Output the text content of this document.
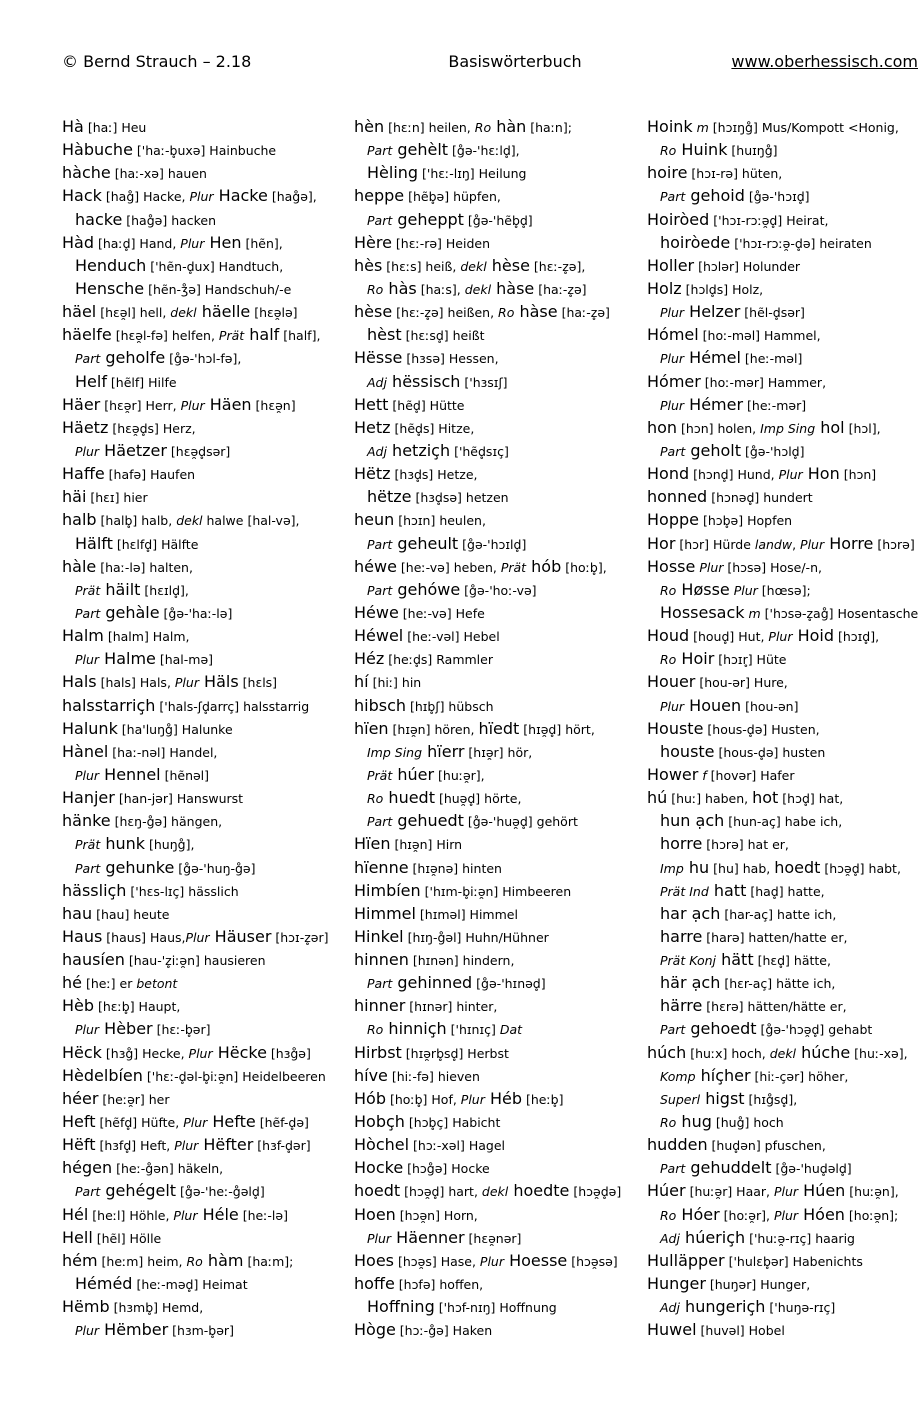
© Bernd Strauch – 2.18	Basiswörterbuch	www.oberhessisch.com
Hà [haː] Heu
Hàbuche ['haː-b̥uxə] Hainbuche
hàche [haː-xə] hauen
Hack [hag̊] Hacke, Plur Hacke [hag̊ə],
hacke [hag̊ə] hacken
Hàd [haːd̥] Hand, Plur Hen [hẽn],
Henduch ['hẽn-d̥ux] Handtuch,
Hensche [hẽn-ʒ̊ə] Handschuh/-e
häel [hɛə̯l] hell, dekl häelle [hɛə̯lə]
häelfe [hɛə̯l-fə] helfen, Prät half [half],
Part geholfe [g̊ə-'hɔl-fə],
Helf [hẽlf] Hilfe
Häer [hɛə̯r] Herr, Plur Häen [hɛə̯n]
Häetz [hɛə̯d̥s] Herz,
Plur Häetzer [hɛə̯d̥sər]
Haffe [hafə] Haufen
häi [hɛɪ] hier
halb [halb̥] halb, dekl halwe [hal-və],
Hälft [hɛlfd̥] Hälfte
hàle [haː-lə] halten,
Prät häilt [hɛɪld̥],
Part gehàle [g̊ə-'haː-lə]
Halm [halm] Halm,
Plur Halme [hal-mə]
Hals [hals] Hals, Plur Häls [hɛls]
halsstarriçh ['hals-ʃd̥arrç] halsstarrig
Halunk [ha'luŋg̊] Halunke
Hànel [haː-nəl] Handel,
Plur Hennel [hẽnəl]
Hanjer [han-jər] Hanswurst
hänke [hɛŋ-g̊ə] hängen,
Prät hunk [huŋg̊],
Part gehunke [g̊ə-'huŋ-g̊ə]
hässliçh ['hɛs-lɪç] hässlich
hau [hau] heute
Haus [haus] Haus,Plur Häuser [hɔɪ-z̥ər]
hausíen [hau-'z̥iːə̯n] hausieren
hé [heː] er betont
Hèb [hɛːb̥] Haupt,
Plur Hèber [hɛː-b̥ər]
Hëck [hɜg̊] Hecke, Plur Hëcke [hɜg̊ə]
Hèdelbíen ['hɛː-d̥əl-b̥iːə̯n] Heidelbeeren
héer [heːə̯r] her
Heft [hẽfd̥] Hüfte, Plur Hefte [hẽf-d̥ə]
Hëft [hɜfd̥] Heft, Plur Hëfter [hɜf-d̥ər]
hégen [heː-g̊ən] häkeln,
Part gehégelt [g̊ə-'heː-g̊əld̥]
Hél [heːl] Höhle, Plur Héle [heː-lə]
Hell [hẽl] Hölle
hém [heːm] heim, Ro hàm [haːm];
Héméd [heː-məd̥] Heimat
Hëmb [hɜmb̥] Hemd,
Plur Hëmber [hɜm-b̥ər]
hèn [hɛːn] heilen, Ro hàn [haːn];
Part gehèlt [g̊ə-'hɛːld̥],
Hèling ['hɛː-lɪŋ] Heilung
heppe [hẽb̥ə] hüpfen,
Part geheppt [g̊ə-'hẽb̥d̥]
Hère [hɛː-rə] Heiden
hès [hɛːs] heiß, dekl hèse [hɛː-z̥ə],
Ro hàs [haːs], dekl hàse [haː-z̥ə]
hèse [hɛː-z̥ə] heißen, Ro hàse [haː-z̥ə]
hèst [hɛːsd̥] heißt
Hësse [hɜsə] Hessen,
Adj hëssisch ['hɜsɪʃ]
Hett [hẽd̥] Hütte
Hetz [hẽd̥s] Hitze,
Adj hetziçh ['hẽd̥sɪç]
Hëtz [hɜd̥s] Hetze,
hëtze [hɜd̥sə] hetzen
heun [hɔɪn] heulen,
Part geheult [g̊ə-'hɔɪld̥]
héwe [heː-və] heben, Prät hób [hoːb̥],
Part gehówe [g̊ə-'hoː-və]
Héwe [heː-və] Hefe
Héwel [heː-vəl] Hebel
Héz [heːd̥s] Rammler
hí [hiː] hin
hibsch [hɪb̥ʃ] hübsch
hïen [hɪə̯n] hören, hïedt [hɪə̯d̥] hört,
Imp Sing hïerr [hɪə̯r] hör,
Prät húer [huːə̯r],
Ro huedt [huə̯d̥] hörte,
Part gehuedt [g̊ə-'huə̯d̥] gehört
Hïen [hɪə̯n] Hirn
hïenne [hɪə̯nə] hinten
Himbíen ['hɪm-b̥iːə̯n] Himbeeren
Himmel [hɪməl] Himmel
Hinkel [hɪŋ-g̊əl] Huhn/Hühner
hinnen [hɪnən] hindern,
Part gehinned [g̊ə-'hɪnəd̥]
hinner [hɪnər] hinter,
Ro hinniçh ['hɪnɪç] Dat
Hirbst [hɪə̯rb̥sd̥] Herbst
híve [hiː-fə] hieven
Hób [hoːb̥] Hof, Plur Héb [heːb̥]
Hobçh [hɔb̥ç] Habicht
Hòchel [hɔː-xəl] Hagel
Hocke [hɔg̊ə] Hocke
hoedt [hɔə̯d̥] hart, dekl hoedte [hɔə̯d̥ə]
Hoen [hɔə̯n] Horn,
Plur Häenner [hɛə̯nər]
Hoes [hɔə̯s] Hase, Plur Hoesse [hɔə̯sə]
hoffe [hɔfə] hoffen,
Hoffning ['hɔf-nɪŋ] Hoffnung
Hòge [hɔː-g̊ə] Haken
Hoink m [hɔɪŋg̊] Mus/Kompott <Honig,
Ro Huink [huɪŋg̊]
hoire [hɔɪ-rə] hüten,
Part gehoid [g̊ə-'hɔɪd̥]
Hoiròed ['hɔɪ-rɔːə̯d̥] Heirat,
hoiròede ['hɔɪ-rɔːə̯-d̥ə] heiraten
Holler [hɔlər] Holunder
Holz [hɔld̥s] Holz,
Plur Helzer [hẽl-d̥sər]
Hómel [hoː-məl] Hammel,
Plur Hémel [heː-məl]
Hómer [hoː-mər] Hammer,
Plur Hémer [heː-mər]
hon [hɔn] holen, Imp Sing hol [hɔl],
Part geholt [g̊ə-'hɔld̥]
Hond [hɔnd̥] Hund, Plur Hon [hɔn]
honned [hɔnəd̥] hundert
Hoppe [hɔb̥ə] Hopfen
Hor [hɔr] Hürde landw, Plur Horre [hɔrə]
Hosse Plur [hɔsə] Hose/-n,
Ro Høsse Plur [hœsə];
Hossesack m ['hɔsə-z̥ag̊] Hosentasche
Houd [houd̥] Hut, Plur Hoid [hɔɪd̥],
Ro Hoir [hɔɪr̥] Hüte
Houer [hou-ər] Hure,
Plur Houen [hou-ən]
Houste [hous-d̥ə] Husten,
houste [hous-d̥ə] husten
Hower f [hovər] Hafer
hú [huː] haben, hot [hɔd̥] hat,
hun ạch [hun-aç] habe ich,
horre [hɔrə] hat er,
Imp hu [hu] hab, hoedt [hɔə̯d̥] habt,
Prät Ind hatt [had̥] hatte,
har ạch [har-aç] hatte ich,
harre [harə] hatten/hatte er,
Prät Konj hätt [hɛd̥] hätte,
här ạch [hɛr-aç] hätte ich,
härre [hɛrə] hätten/hätte er,
Part gehoedt [g̊ə-'hɔə̯d̥] gehabt
húch [huːx] hoch, dekl húche [huː-xə],
Komp híçher [hiː-çər] höher,
Superl higst [hɪg̊sd̥],
Ro hug [hug̊] hoch
hudden [hud̥ən] pfuschen,
Part gehuddelt [g̊ə-'hud̥əld̥]
Húer [huːə̯r] Haar, Plur Húen [huːə̯n],
Ro Hóer [hoːə̯r], Plur Hóen [hoːə̯n];
Adj húeriçh ['huːə̯-rɪç] haarig
Hulläpper ['hulɛb̥ər] Habenichts
Hunger [huŋər] Hunger,
Adj hungeriçh ['huŋə-rɪç]
Huwel [huvəl] Hobel
